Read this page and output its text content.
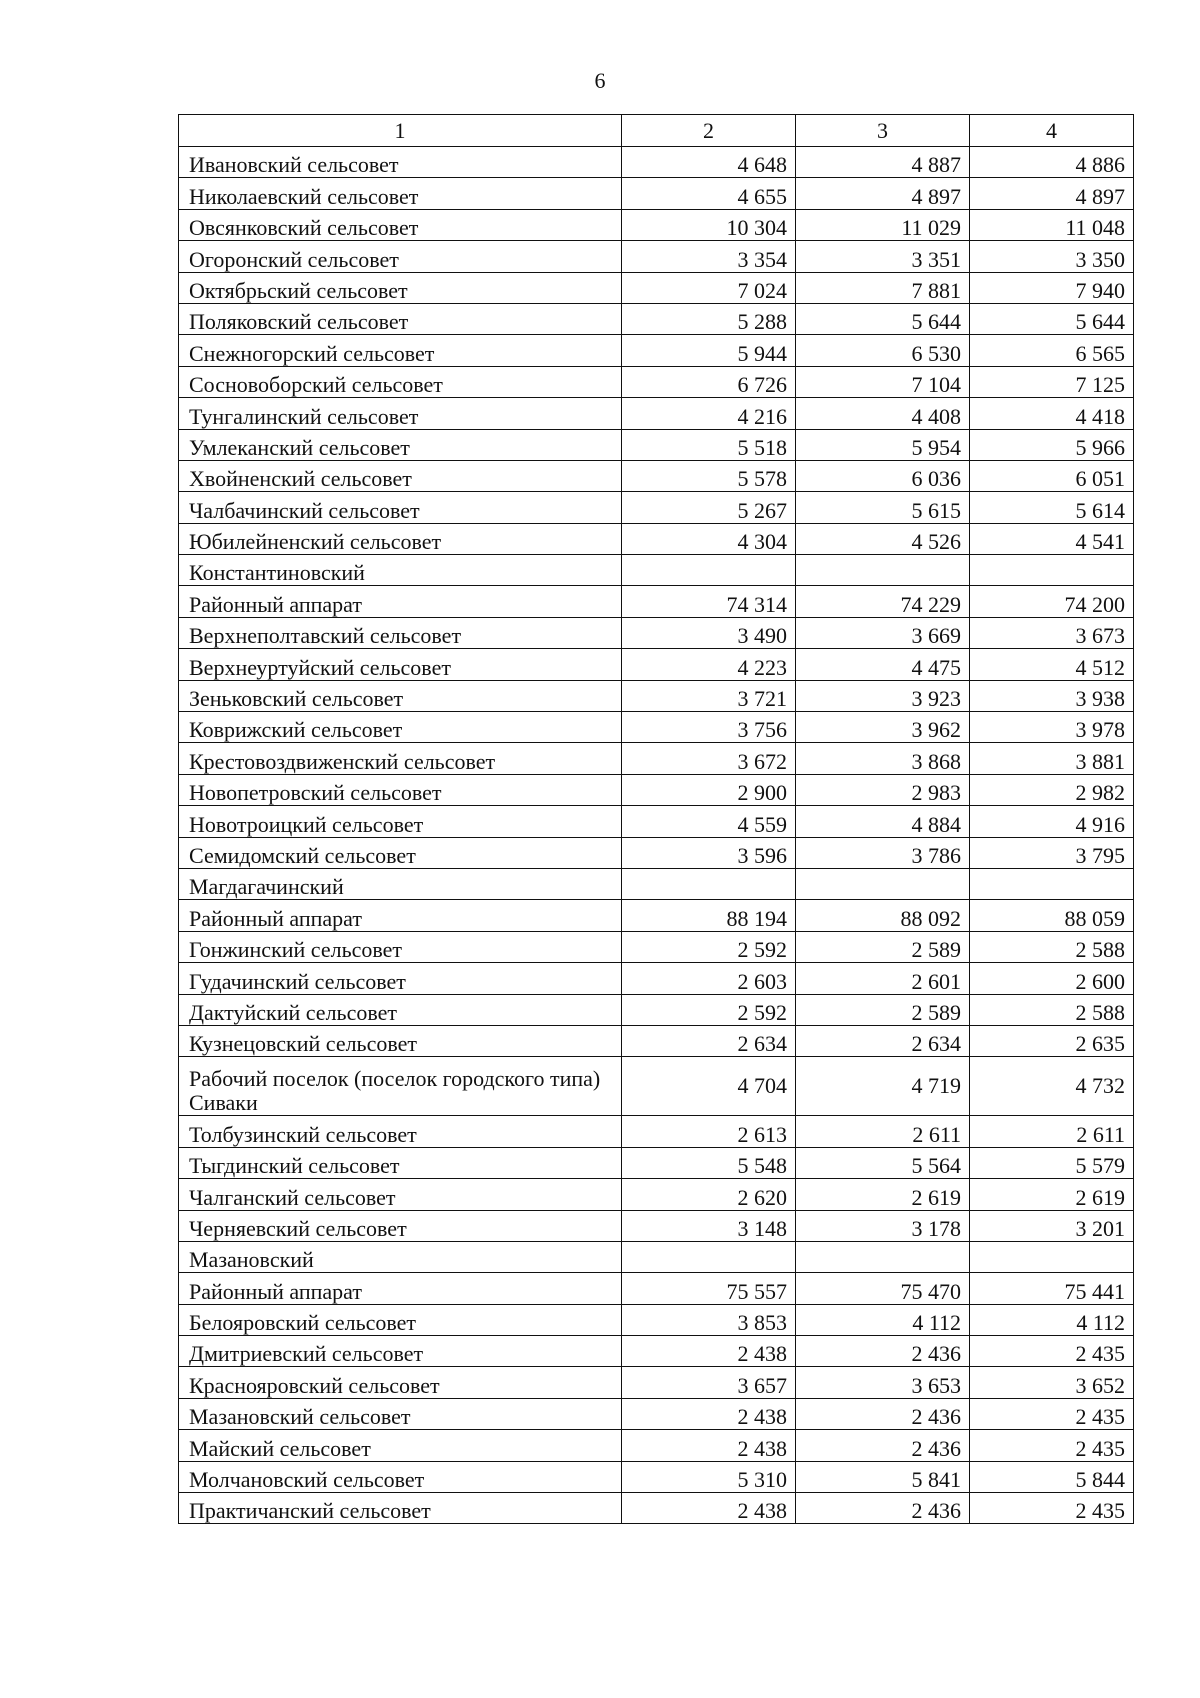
6
1	2	3	4
Ивановский сельсовет	4 648	4 887	4 886
Николаевский сельсовет	4 655	4 897	4 897
Овсянковский сельсовет	10 304	11 029	11 048
Огоронский сельсовет	3 354	3 351	3 350
Октябрьский сельсовет	7 024	7 881	7 940
Поляковский сельсовет	5 288	5 644	5 644
Снежногорский сельсовет	5 944	6 530	6 565
Сосновоборский сельсовет	6 726	7 104	7 125
Тунгалинский сельсовет	4 216	4 408	4 418
Умлеканский сельсовет	5 518	5 954	5 966
Хвойненский сельсовет	5 578	6 036	6 051
Чалбачинский сельсовет	5 267	5 615	5 614
Юбилейненский сельсовет	4 304	4 526	4 541
Константиновский			
Районный аппарат	74 314	74 229	74 200
Верхнеполтавский сельсовет	3 490	3 669	3 673
Верхнеуртуйский сельсовет	4 223	4 475	4 512
Зеньковский сельсовет	3 721	3 923	3 938
Коврижский сельсовет	3 756	3 962	3 978
Крестовоздвиженский сельсовет	3 672	3 868	3 881
Новопетровский сельсовет	2 900	2 983	2 982
Новотроицкий сельсовет	4 559	4 884	4 916
Семидомский сельсовет	3 596	3 786	3 795
Магдагачинский			
Районный аппарат	88 194	88 092	88 059
Гонжинский сельсовет	2 592	2 589	2 588
Гудачинский сельсовет	2 603	2 601	2 600
Дактуйский сельсовет	2 592	2 589	2 588
Кузнецовский сельсовет	2 634	2 634	2 635
Рабочий поселок (поселок городского типа) Сиваки	4 704	4 719	4 732
Толбузинский сельсовет	2 613	2 611	2 611
Тыгдинский сельсовет	5 548	5 564	5 579
Чалганский сельсовет	2 620	2 619	2 619
Черняевский сельсовет	3 148	3 178	3 201
Мазановский			
Районный аппарат	75 557	75 470	75 441
Белояровский сельсовет	3 853	4 112	4 112
Дмитриевский сельсовет	2 438	2 436	2 435
Краснояровский сельсовет	3 657	3 653	3 652
Мазановский сельсовет	2 438	2 436	2 435
Майский сельсовет	2 438	2 436	2 435
Молчановский сельсовет	5 310	5 841	5 844
Практичанский сельсовет	2 438	2 436	2 435
